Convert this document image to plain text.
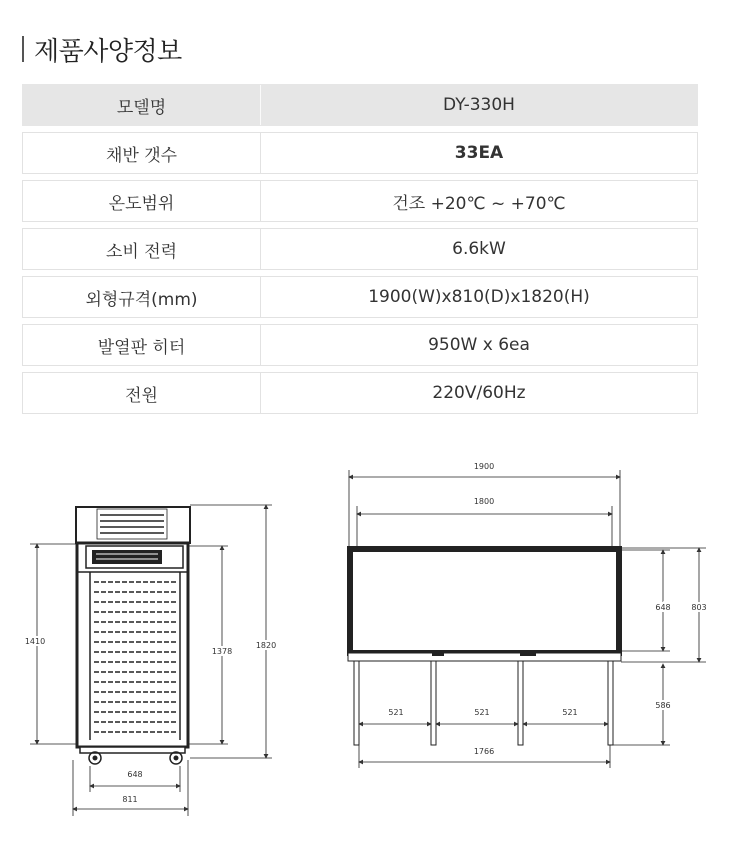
제품사양정보
모델명	DY-330H
채반 갯수	33EA
온도범위	건조 +20℃ ~ +70℃
소비 전력	6.6kW
외형규격(mm)	1900(W)x810(D)x1820(H)
발열판 히터	950W x 6ea
전원	220V/60Hz
1410
1378
1820
648
811
1900
1800
648	803
586
521	521	521
1766
